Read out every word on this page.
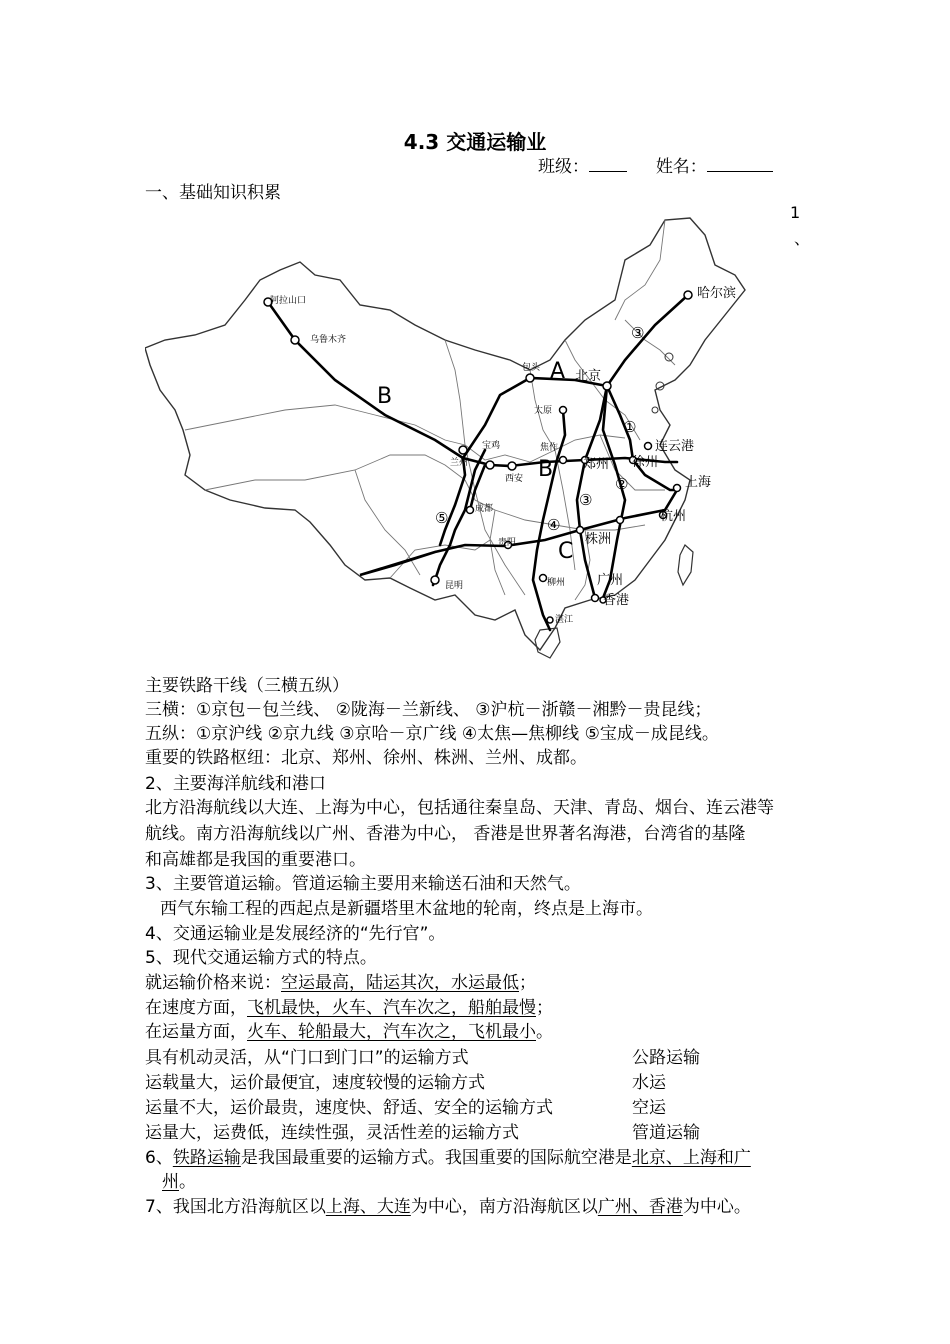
4.3 交通运输业
班级：	姓名：
一、基础知识积累
1
、
阿拉山口
乌鲁木齐
包头
太原
宝鸡
兰州
焦作
西安
成都
贵阳
昆明	柳州
湛江
哈尔滨
北京
连云港
郑州 徐州
上海
杭州
株洲
广州
香港
A
B
B
C
③
①
②
③
④
⑤
主要铁路干线（三横五纵）
三横：①京包－包兰线、 ②陇海－兰新线、 ③沪杭－浙赣－湘黔－贵昆线；
五纵：①京沪线 ②京九线 ③京哈－京广线 ④太焦—焦柳线 ⑤宝成－成昆线。
重要的铁路枢纽：北京、郑州、徐州、株洲、兰州、成都。
2、主要海洋航线和港口
北方沿海航线以大连、上海为中心，包括通往秦皇岛、天津、青岛、烟台、连云港等
航线。南方沿海航线以广州、香港为中心， 香港是世界著名海港，台湾省的基隆
和高雄都是我国的重要港口。
3、主要管道运输。管道运输主要用来输送石油和天然气。
西气东输工程的西起点是新疆塔里木盆地的轮南，终点是上海市。
4、交通运输业是发展经济的“先行官”。
5、现代交通运输方式的特点。
就运输价格来说：空运最高，陆运其次，水运最低；
在速度方面，飞机最快，火车、汽车次之，船舶最慢；
在运量方面，火车、轮船最大，汽车次之，飞机最小。
具有机动灵活，从“门口到门口”的运输方式	公路运输
运载量大，运价最便宜，速度较慢的运输方式	水运
运量不大，运价最贵，速度快、舒适、安全的运输方式	空运
运量大，运费低，连续性强，灵活性差的运输方式	管道运输
6、铁路运输是我国最重要的运输方式。我国重要的国际航空港是北京、上海和广
州。
7、我国北方沿海航区以上海、大连为中心，南方沿海航区以广州、香港为中心。
